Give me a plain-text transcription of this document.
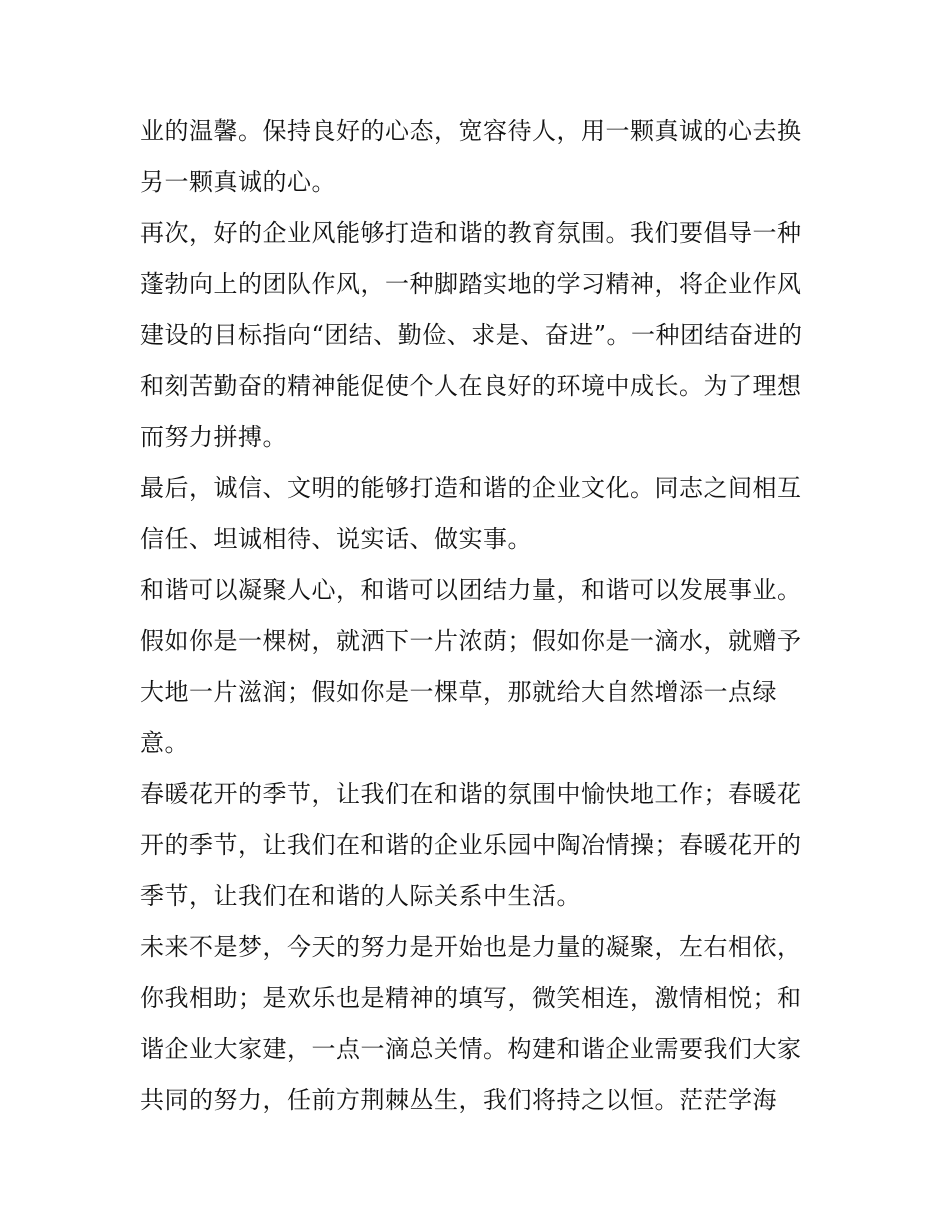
业的温馨。保持良好的心态，宽容待人，用一颗真诚的心去换
另一颗真诚的心。
再次，好的企业风能够打造和谐的教育氛围。我们要倡导一种
蓬勃向上的团队作风，一种脚踏实地的学习精神，将企业作风
建设的目标指向“团结、勤俭、求是、奋进”。一种团结奋进的
和刻苦勤奋的精神能促使个人在良好的环境中成长。为了理想
而努力拼搏。
最后，诚信、文明的能够打造和谐的企业文化。同志之间相互
信任、坦诚相待、说实话、做实事。
和谐可以凝聚人心，和谐可以团结力量，和谐可以发展事业。
假如你是一棵树，就洒下一片浓荫；假如你是一滴水，就赠予
大地一片滋润；假如你是一棵草，那就给大自然增添一点绿
意。
春暖花开的季节，让我们在和谐的氛围中愉快地工作；春暖花
开的季节，让我们在和谐的企业乐园中陶冶情操；春暖花开的
季节，让我们在和谐的人际关系中生活。
未来不是梦，今天的努力是开始也是力量的凝聚，左右相依，
你我相助；是欢乐也是精神的填写，微笑相连，激情相悦；和
谐企业大家建，一点一滴总关情。构建和谐企业需要我们大家
共同的努力，任前方荆棘丛生，我们将持之以恒。茫茫学海
